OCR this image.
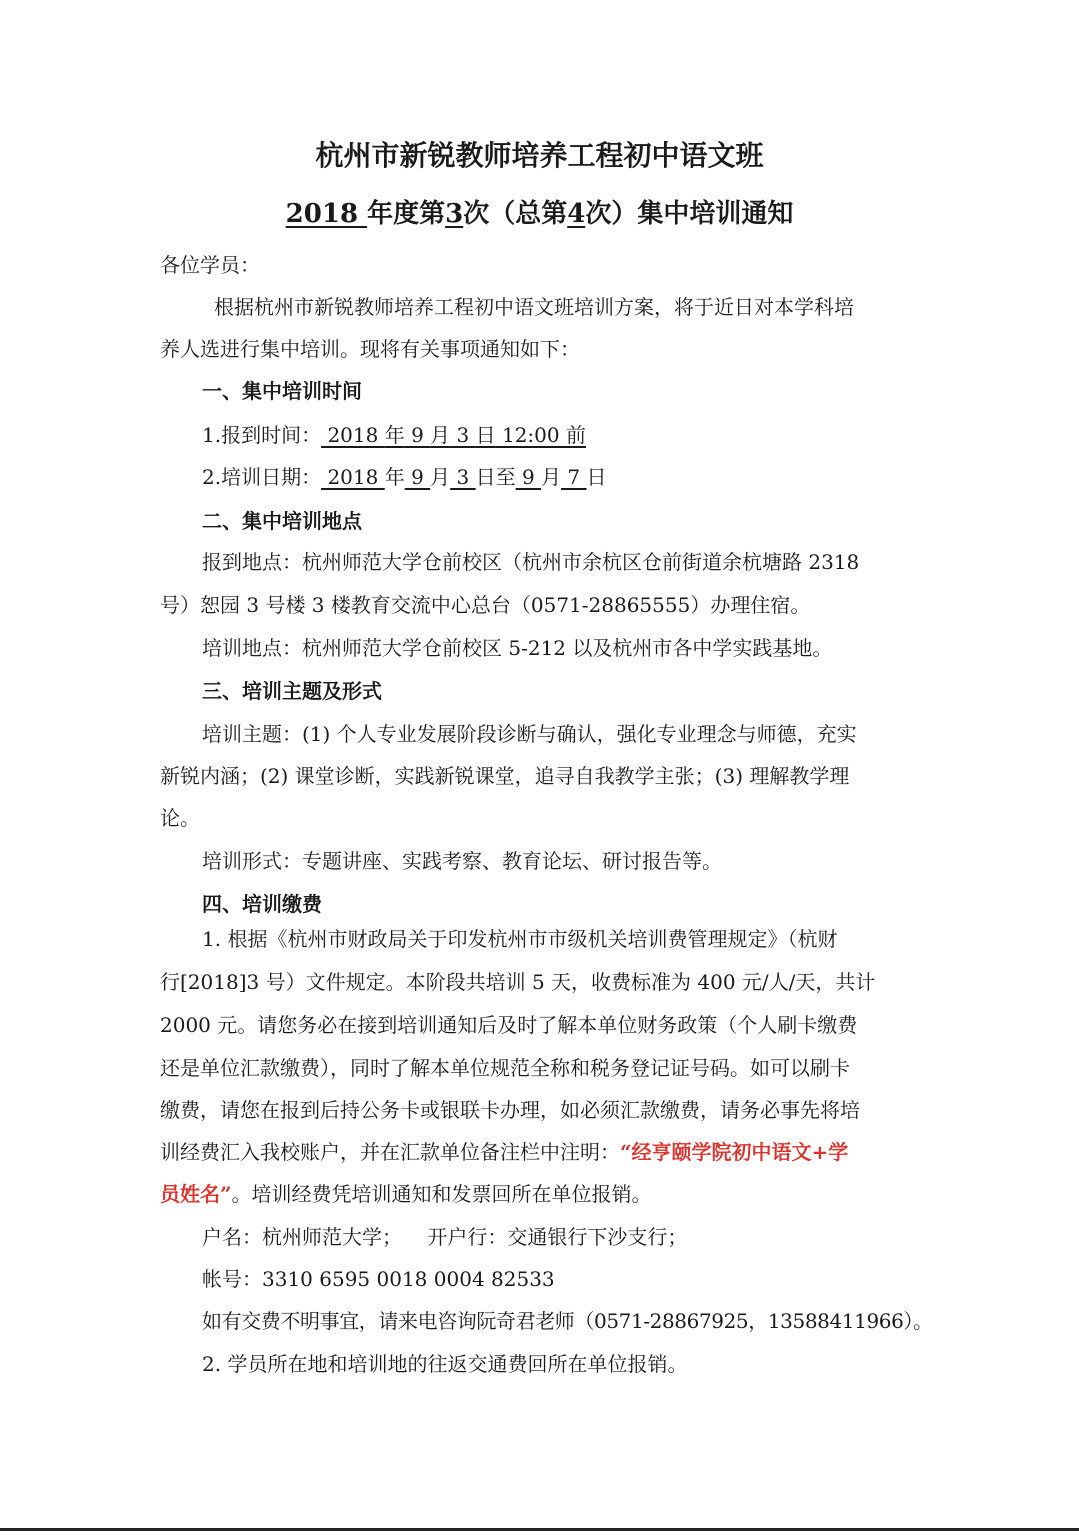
杭州市新锐教师培养工程初中语文班
2018 年度第3次（总第4次）集中培训通知
各位学员：
根据杭州市新锐教师培养工程初中语文班培训方案，将于近日对本学科培
养人选进行集中培训。现将有关事项通知如下：
一、集中培训时间
1.报到时间： 2018 年 9 月 3 日 12:00 前
2.培训日期： 2018 年 9 月 3 日至 9 月 7 日
二、集中培训地点
报到地点：杭州师范大学仓前校区（杭州市余杭区仓前街道余杭塘路 2318
号）恕园 3 号楼 3 楼教育交流中心总台（0571-28865555）办理住宿。
培训地点：杭州师范大学仓前校区 5-212 以及杭州市各中学实践基地。
三、培训主题及形式
培训主题：(1) 个人专业发展阶段诊断与确认，强化专业理念与师德，充实
新锐内涵；(2) 课堂诊断，实践新锐课堂，追寻自我教学主张；(3) 理解教学理
论。
培训形式：专题讲座、实践考察、教育论坛、研讨报告等。
四、培训缴费
1. 根据《杭州市财政局关于印发杭州市市级机关培训费管理规定》（杭财
行[2018]3 号）文件规定。本阶段共培训 5 天，收费标准为 400 元/人/天，共计
2000 元。请您务必在接到培训通知后及时了解本单位财务政策（个人刷卡缴费
还是单位汇款缴费），同时了解本单位规范全称和税务登记证号码。如可以刷卡
缴费，请您在报到后持公务卡或银联卡办理，如必须汇款缴费，请务必事先将培
训经费汇入我校账户，并在汇款单位备注栏中注明：“经亨颐学院初中语文+学
员姓名”。培训经费凭培训通知和发票回所在单位报销。
户名：杭州师范大学；    开户行：交通银行下沙支行；
帐号：3310 6595 0018 0004 82533
如有交费不明事宜，请来电咨询阮奇君老师（0571-28867925，13588411966）。
2. 学员所在地和培训地的往返交通费回所在单位报销。
